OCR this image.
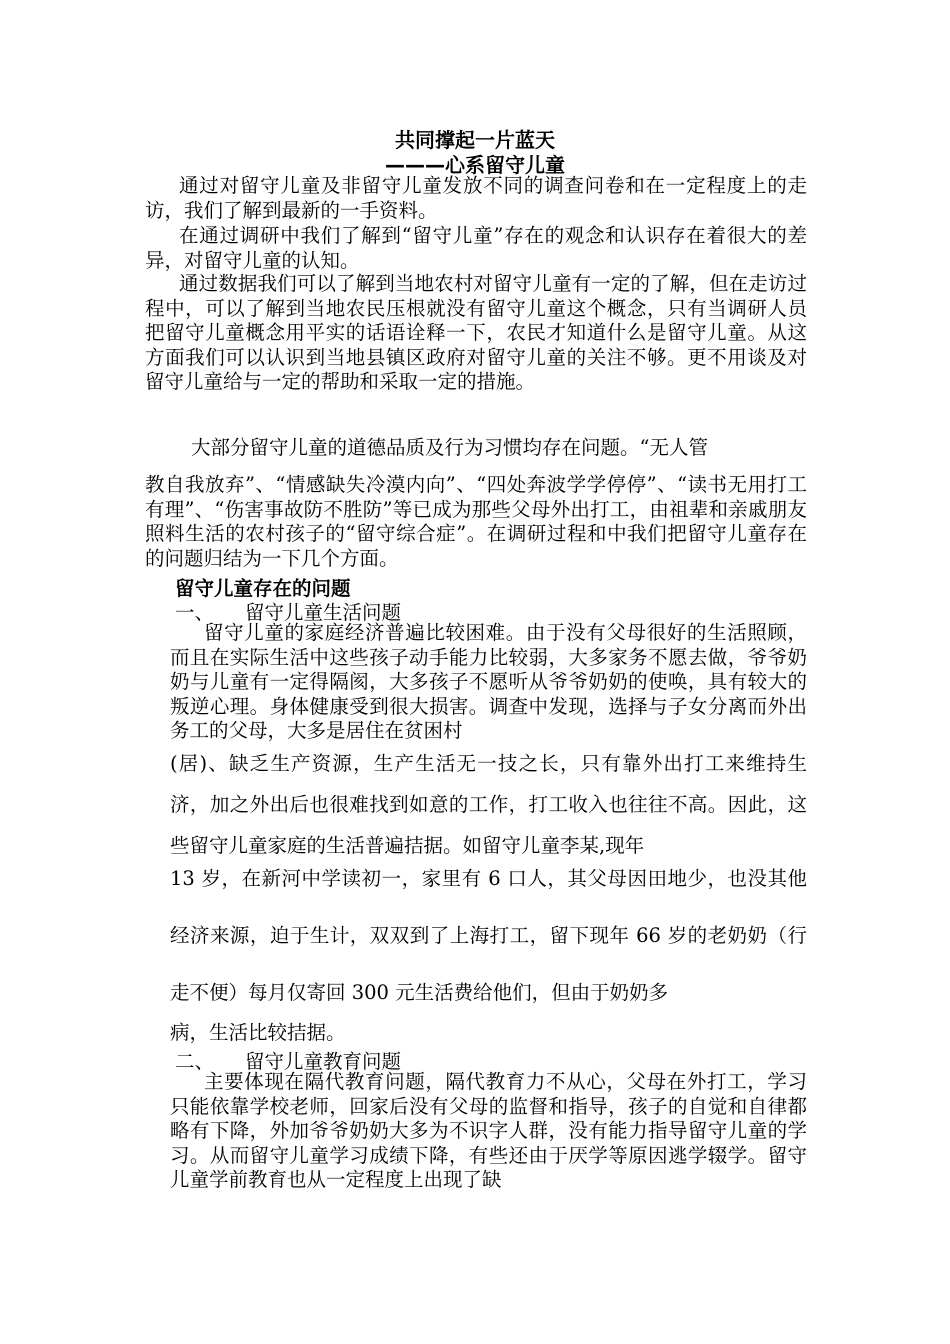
共同撑起一片蓝天
———心系留守儿童
通过对留守儿童及非留守儿童发放不同的调查问卷和在一定程度上的走访，我们了解到最新的一手资料。
在通过调研中我们了解到“留守儿童”存在的观念和认识存在着很大的差异，对留守儿童的认知。
通过数据我们可以了解到当地农村对留守儿童有一定的了解，但在走访过程中，可以了解到当地农民压根就没有留守儿童这个概念，只有当调研人员把留守儿童概念用平实的话语诠释一下，农民才知道什么是留守儿童。从这方面我们可以认识到当地县镇区政府对留守儿童的关注不够。更不用谈及对留守儿童给与一定的帮助和采取一定的措施。
大部分留守儿童的道德品质及行为习惯均存在问题。“无人管
教自我放弃”、“情感缺失冷漠内向”、“四处奔波学学停停”、“读书无用打工有理”、“伤害事故防不胜防”等已成为那些父母外出打工，由祖辈和亲戚朋友照料生活的农村孩子的“留守综合症”。在调研过程和中我们把留守儿童存在的问题归结为一下几个方面。
留守儿童存在的问题
一、 留守儿童生活问题
留守儿童的家庭经济普遍比较困难。由于没有父母很好的生活照顾，而且在实际生活中这些孩子动手能力比较弱，大多家务不愿去做，爷爷奶奶与儿童有一定得隔阂，大多孩子不愿听从爷爷奶奶的使唤，具有较大的叛逆心理。身体健康受到很大损害。调查中发现，选择与子女分离而外出务工的父母，大多是居住在贫困村
(居)、缺乏生产资源，生产生活无一技之长，只有靠外出打工来维持生济，加之外出后也很难找到如意的工作，打工收入也往往不高。因此，这些留守儿童家庭的生活普遍拮据。如留守儿童李某,现年
13 岁，在新河中学读初一，家里有 6 口人，其父母因田地少，也没其他经济来源，迫于生计，双双到了上海打工，留下现年 66 岁的老奶奶（行走不便）每月仅寄回 300 元生活费给他们，但由于奶奶多
病，生活比较拮据。
二、 留守儿童教育问题
主要体现在隔代教育问题，隔代教育力不从心，父母在外打工，学习只能依靠学校老师，回家后没有父母的监督和指导，孩子的自觉和自律都略有下降，外加爷爷奶奶大多为不识字人群，没有能力指导留守儿童的学习。从而留守儿童学习成绩下降，有些还由于厌学等原因逃学辍学。留守儿童学前教育也从一定程度上出现了缺
